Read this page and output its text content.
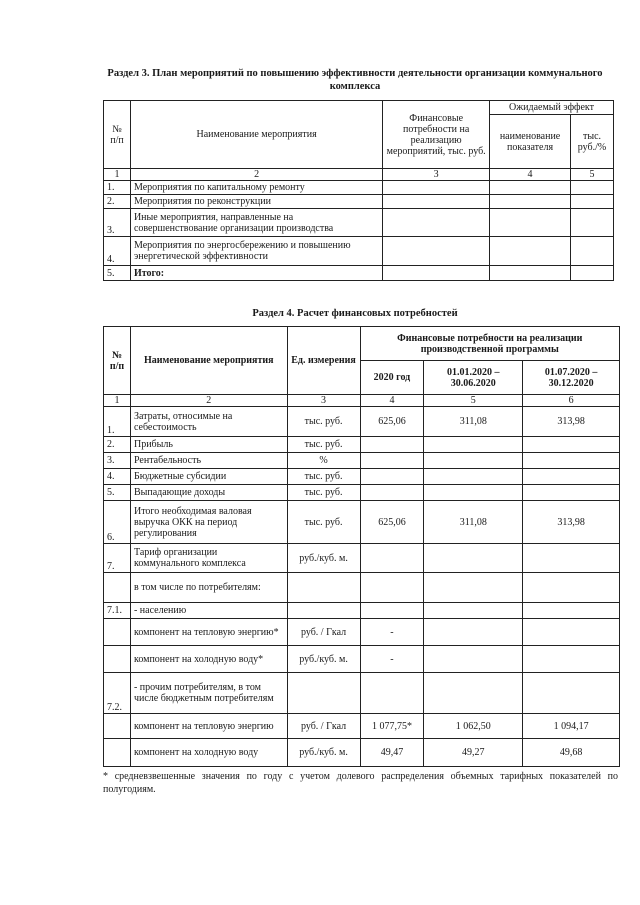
Раздел 3. План мероприятий по повышению эффективности деятельности организации коммунального комплекса
№ п/п	Наименование мероприятия	Финансовые потребности на реализацию мероприятий, тыс. руб.	Ожидаемый эффект	
			наименование показателя	тыс. руб./%
1	2	3	4	5
1.	Мероприятия по капитальному ремонту			
2.	Мероприятия по реконструкции			
3.	Иные мероприятия, направленные на совершенствование организации производства			
4.	Мероприятия по энергосбережению и повышению энергетической эффективности			
5.	Итого:			
Раздел 4. Расчет финансовых потребностей
№ п/п	Наименование мероприятия	Ед. измерения	Финансовые потребности на реализации производственной программы		
			2020 год	01.01.2020 – 30.06.2020	01.07.2020 – 30.12.2020
1	2	3	4	5	6
1.	Затраты, относимые на себестоимость	тыс. руб.	625,06	311,08	313,98
2.	Прибыль	тыс. руб.			
3.	Рентабельность	%			
4.	Бюджетные субсидии	тыс. руб.			
5.	Выпадающие доходы	тыс. руб.			
6.	Итого необходимая валовая выручка ОКК на период регулирования	тыс. руб.	625,06	311,08	313,98
7.	Тариф организации коммунального комплекса	руб./куб. м.			
	в том числе по потребителям:				
7.1.	- населению				
	компонент на тепловую энергию*	руб. / Гкал	-		
	компонент на холодную воду*	руб./куб. м.	-		
7.2.	- прочим потребителям, в том числе бюджетным потребителям				
	компонент на тепловую энергию	руб. / Гкал	1 077,75*	1 062,50	1 094,17
	компонент на холодную воду	руб./куб. м.	49,47	49,27	49,68
* средневзвешенные значения по году с учетом долевого распределения объемных тарифных показателей по полугодиям.
